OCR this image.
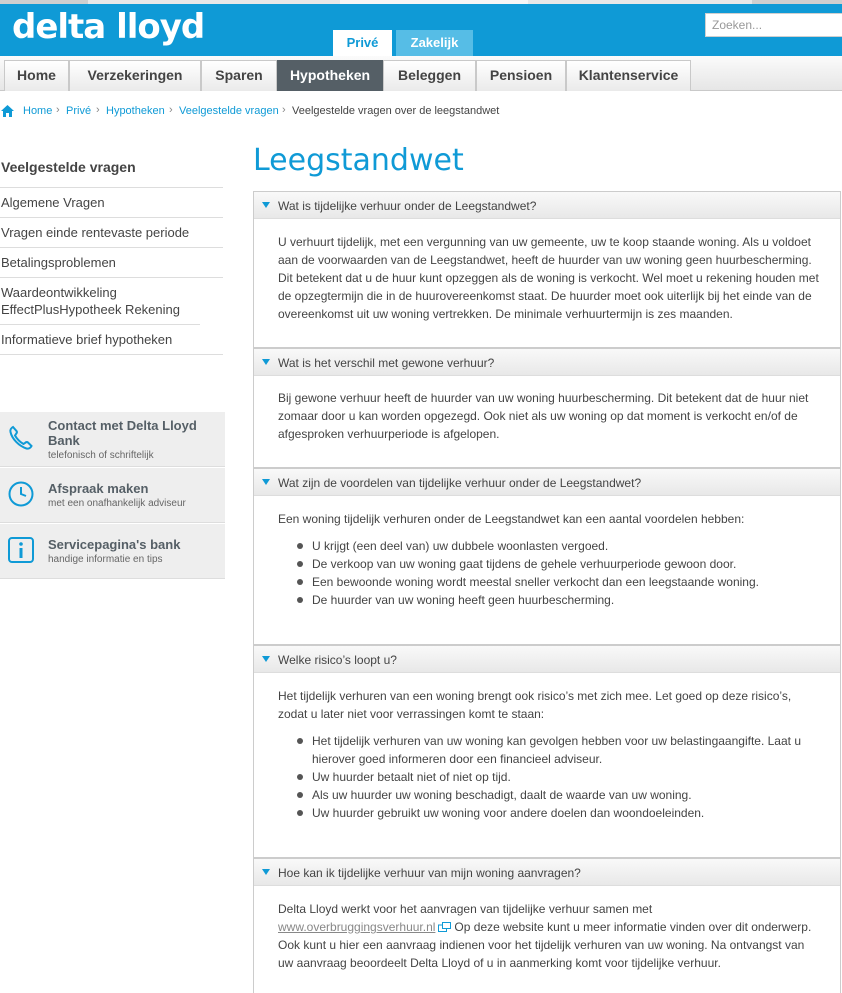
delta lloyd	Zoeken...
Privé	Zakelijk
Home	Verzekeringen	Sparen	Hypotheken	Beleggen	Pensioen	Klantenservice
Home › Privé › Hypotheken › Veelgestelde vragen › Veelgestelde vragen over de leegstandwet
Veelgestelde vragen
Algemene Vragen
Vragen einde rentevaste periode
Betalingsproblemen
Waardeontwikkeling EffectPlusHypotheek Rekening
Informatieve brief hypotheken
Contact met Delta Lloyd Bank
telefonisch of schriftelijk
Afspraak maken
met een onafhankelijk adviseur
Servicepagina's bank
handige informatie en tips
Leegstandwet
Wat is tijdelijke verhuur onder de Leegstandwet?

U verhuurt tijdelijk, met een vergunning van uw gemeente, uw te koop staande woning. Als u voldoet aan de voorwaarden van de Leegstandwet, heeft de huurder van uw woning geen huurbescherming. Dit betekent dat u de huur kunt opzeggen als de woning is verkocht. Wel moet u rekening houden met de opzegtermijn die in de huurovereenkomst staat. De huurder moet ook uiterlijk bij het einde van de overeenkomst uit uw woning vertrekken. De minimale verhuurtermijn is zes maanden.

Wat is het verschil met gewone verhuur?

Bij gewone verhuur heeft de huurder van uw woning huurbescherming. Dit betekent dat de huur niet zomaar door u kan worden opgezegd. Ook niet als uw woning op dat moment is verkocht en/of de afgesproken verhuurperiode is afgelopen.

Wat zijn de voordelen van tijdelijke verhuur onder de Leegstandwet?

Een woning tijdelijk verhuren onder de Leegstandwet kan een aantal voordelen hebben:

U krijgt (een deel van) uw dubbele woonlasten vergoed.
De verkoop van uw woning gaat tijdens de gehele verhuurperiode gewoon door.
Een bewoonde woning wordt meestal sneller verkocht dan een leegstaande woning.
De huurder van uw woning heeft geen huurbescherming.
Welke risico’s loopt u?

Het tijdelijk verhuren van een woning brengt ook risico’s met zich mee. Let goed op deze risico’s, zodat u later niet voor verrassingen komt te staan:

Het tijdelijk verhuren van uw woning kan gevolgen hebben voor uw belastingaangifte. Laat u hierover goed informeren door een financieel adviseur.
Uw huurder betaalt niet of niet op tijd.
Als uw huurder uw woning beschadigt, daalt de waarde van uw woning.
Uw huurder gebruikt uw woning voor andere doelen dan woondoeleinden.
Hoe kan ik tijdelijke verhuur van mijn woning aanvragen?

Delta Lloyd werkt voor het aanvragen van tijdelijke verhuur samen met
www.overbruggingsverhuur.nl Op deze website kunt u meer informatie vinden over dit onderwerp. Ook kunt u hier een aanvraag indienen voor het tijdelijk verhuren van uw woning. Na ontvangst van uw aanvraag beoordeelt Delta Lloyd of u in aanmerking komt voor tijdelijke verhuur.
